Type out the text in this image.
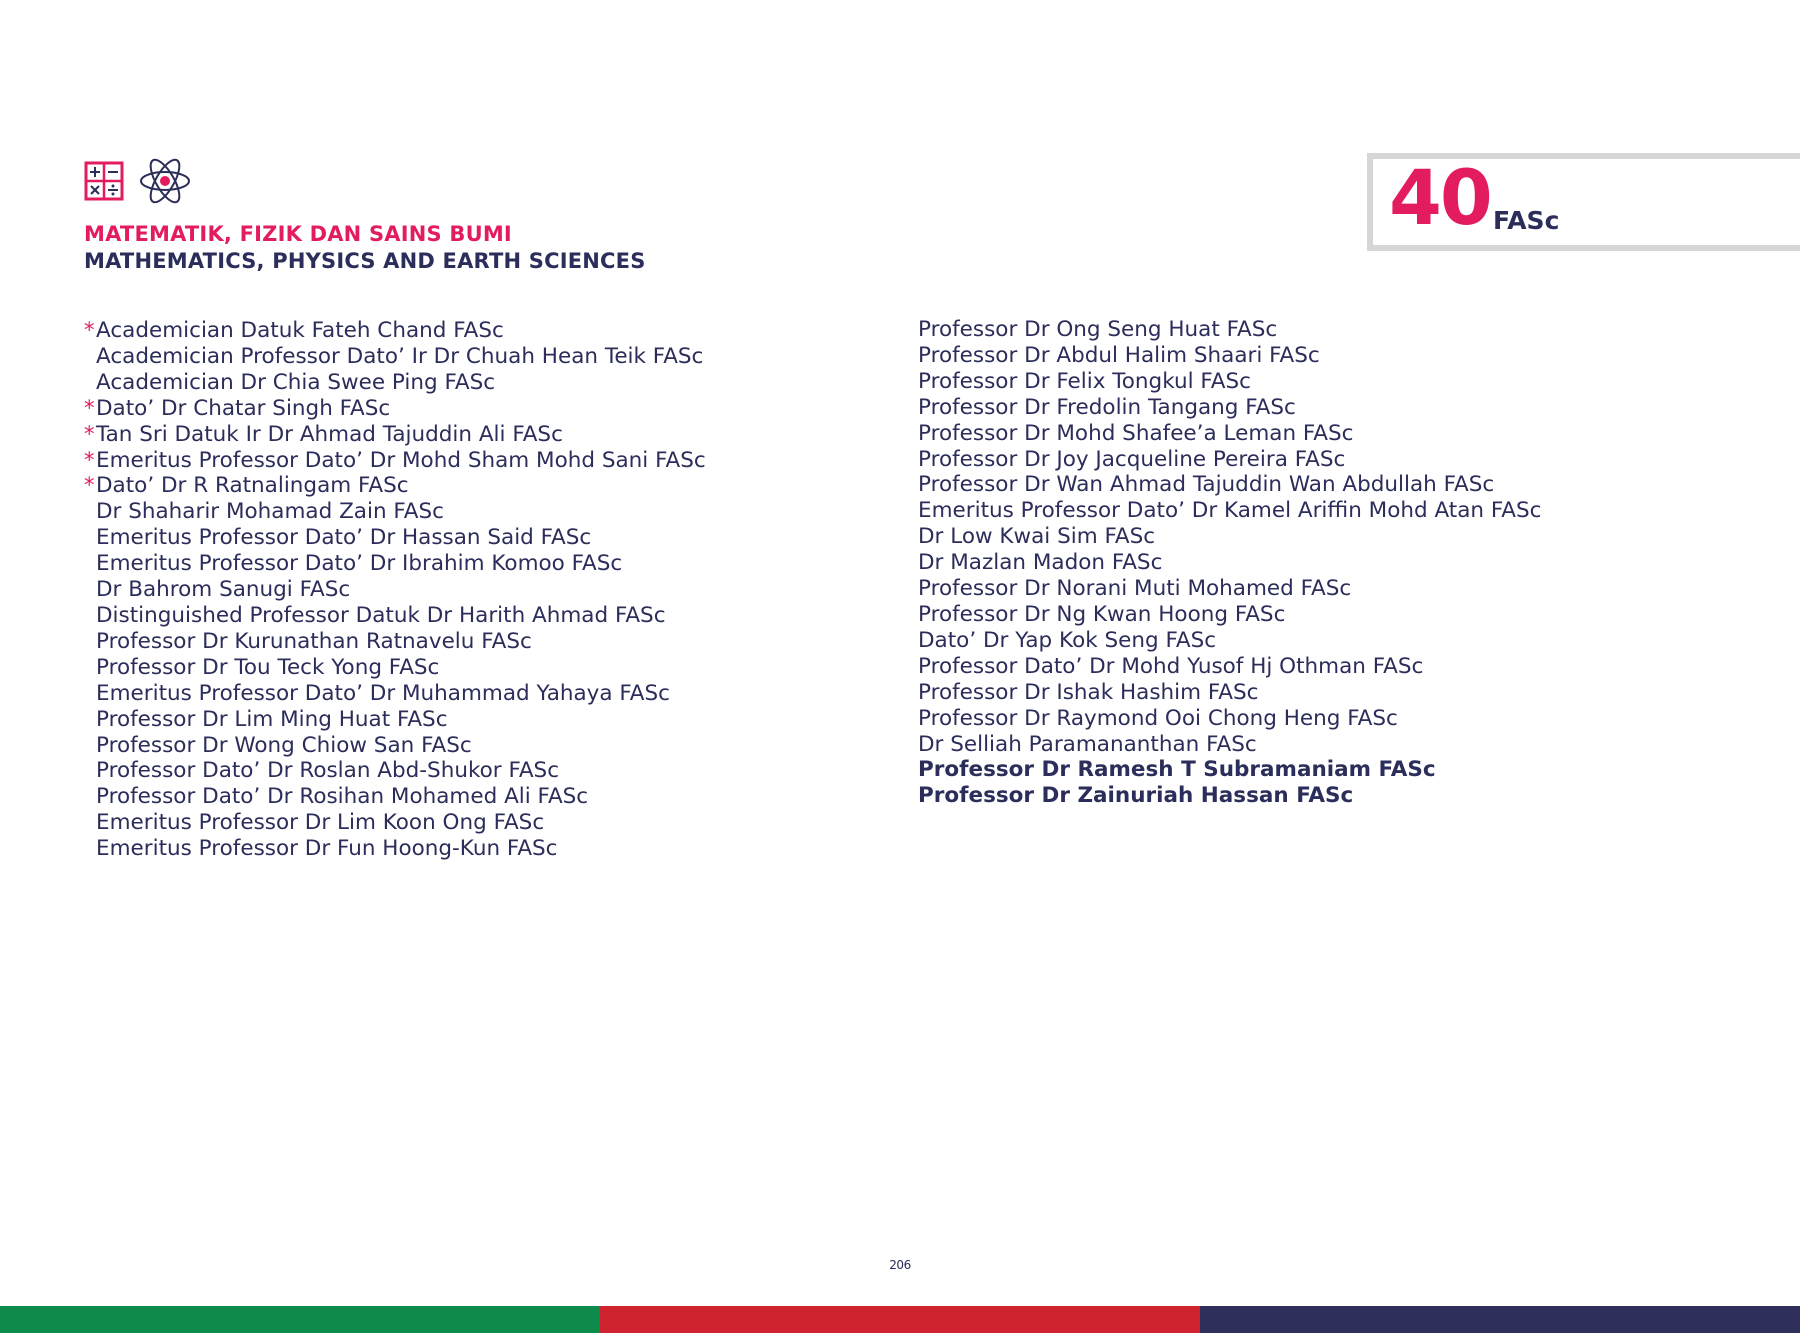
MATEMATIK, FIZIK DAN SAINS BUMI
MATHEMATICS, PHYSICS AND EARTH SCIENCES
40 FASc
* Academician Datuk Fateh Chand FASc
Academician Professor Dato’ Ir Dr Chuah Hean Teik FASc
Academician Dr Chia Swee Ping FASc
* Dato’ Dr Chatar Singh FASc
* Tan Sri Datuk Ir Dr Ahmad Tajuddin Ali FASc
* Emeritus Professor Dato’ Dr Mohd Sham Mohd Sani FASc
* Dato’ Dr R Ratnalingam FASc
Dr Shaharir Mohamad Zain FASc
Emeritus Professor Dato’ Dr Hassan Said FASc
Emeritus Professor Dato’ Dr Ibrahim Komoo FASc
Dr Bahrom Sanugi FASc
Distinguished Professor Datuk Dr Harith Ahmad FASc
Professor Dr Kurunathan Ratnavelu FASc
Professor Dr Tou Teck Yong FASc
Emeritus Professor Dato’ Dr Muhammad Yahaya FASc
Professor Dr Lim Ming Huat FASc
Professor Dr Wong Chiow San FASc
Professor Dato’ Dr Roslan Abd-Shukor FASc
Professor Dato’ Dr Rosihan Mohamed Ali FASc
Emeritus Professor Dr Lim Koon Ong FASc
Emeritus Professor Dr Fun Hoong-Kun FASc
Professor Dr Ong Seng Huat FASc
Professor Dr Abdul Halim Shaari FASc
Professor Dr Felix Tongkul FASc
Professor Dr Fredolin Tangang FASc
Professor Dr Mohd Shafee’a Leman FASc
Professor Dr Joy Jacqueline Pereira FASc
Professor Dr Wan Ahmad Tajuddin Wan Abdullah FASc
Emeritus Professor Dato’ Dr Kamel Ariffin Mohd Atan FASc
Dr Low Kwai Sim FASc
Dr Mazlan Madon FASc
Professor Dr Norani Muti Mohamed FASc
Professor Dr Ng Kwan Hoong FASc
Dato’ Dr Yap Kok Seng FASc
Professor Dato’ Dr Mohd Yusof Hj Othman FASc
Professor Dr Ishak Hashim FASc
Professor Dr Raymond Ooi Chong Heng FASc
Dr Selliah Paramananthan FASc
Professor Dr Ramesh T Subramaniam FASc
Professor Dr Zainuriah Hassan FASc
206
